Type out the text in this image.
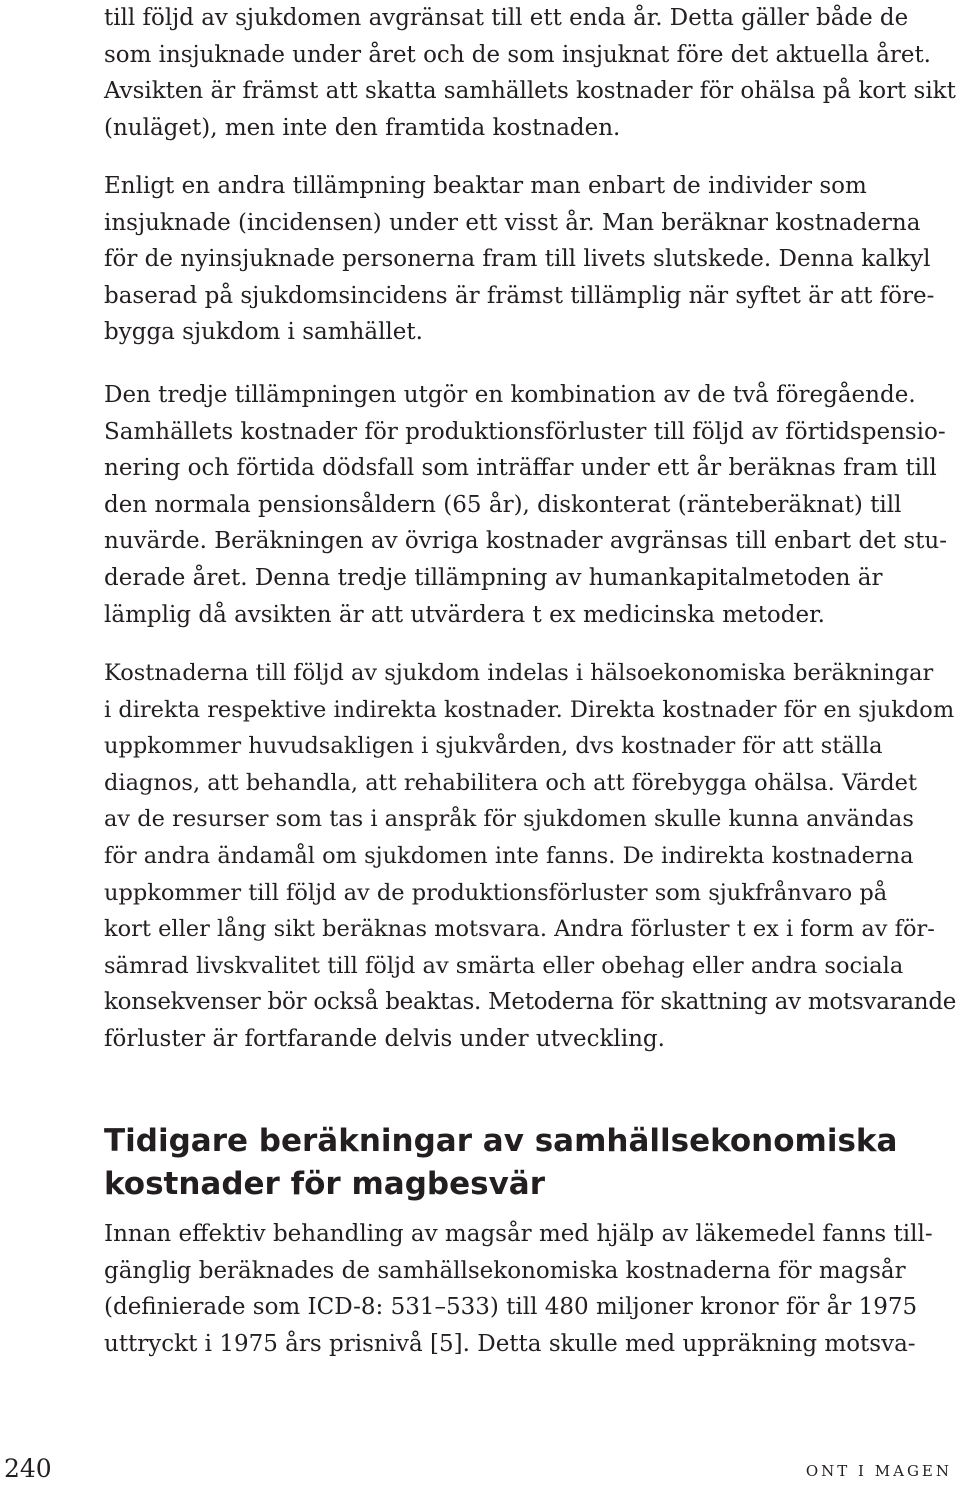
till följd av sjukdomen avgränsat till ett enda år. Detta gäller både de
som insjuknade under året och de som insjuknat före det aktuella året.
Avsikten är främst att skatta samhällets kostnader för ohälsa på kort sikt
(nuläget), men inte den framtida kostnaden.

Enligt en andra tillämpning beaktar man enbart de individer som
insjuknade (incidensen) under ett visst år. Man beräknar kostnaderna
för de nyinsjuknade personerna fram till livets slutskede. Denna kalkyl
baserad på sjukdomsincidens är främst tillämplig när syftet är att före-
bygga sjukdom i samhället.

Den tredje tillämpningen utgör en kombination av de två föregående.
Samhällets kostnader för produktionsförluster till följd av förtidspensio-
nering och förtida dödsfall som inträffar under ett år beräknas fram till
den normala pensionsåldern (65 år), diskonterat (ränteberäknat) till
nuvärde. Beräkningen av övriga kostnader avgränsas till enbart det stu-
derade året. Denna tredje tillämpning av humankapitalmetoden är
lämplig då avsikten är att utvärdera t ex medicinska metoder.

Kostnaderna till följd av sjukdom indelas i hälsoekonomiska beräkningar
i direkta respektive indirekta kostnader. Direkta kostnader för en sjukdom
uppkommer huvudsakligen i sjukvården, dvs kostnader för att ställa
diagnos, att behandla, att rehabilitera och att förebygga ohälsa. Värdet
av de resurser som tas i anspråk för sjukdomen skulle kunna användas
för andra ändamål om sjukdomen inte fanns. De indirekta kostnaderna
uppkommer till följd av de produktionsförluster som sjukfrånvaro på
kort eller lång sikt beräknas motsvara. Andra förluster t ex i form av för-
sämrad livskvalitet till följd av smärta eller obehag eller andra sociala
konsekvenser bör också beaktas. Metoderna för skattning av motsvarande
förluster är fortfarande delvis under utveckling.

Tidigare beräkningar av samhällsekonomiska
kostnader för magbesvär

Innan effektiv behandling av magsår med hjälp av läkemedel fanns till-
gänglig beräknades de samhällsekonomiska kostnaderna för magsår
(definierade som ICD-8: 531–533) till 480 miljoner kronor för år 1975
uttryckt i 1975 års prisnivå [5]. Detta skulle med uppräkning motsva-

240	ONT I MAGEN
